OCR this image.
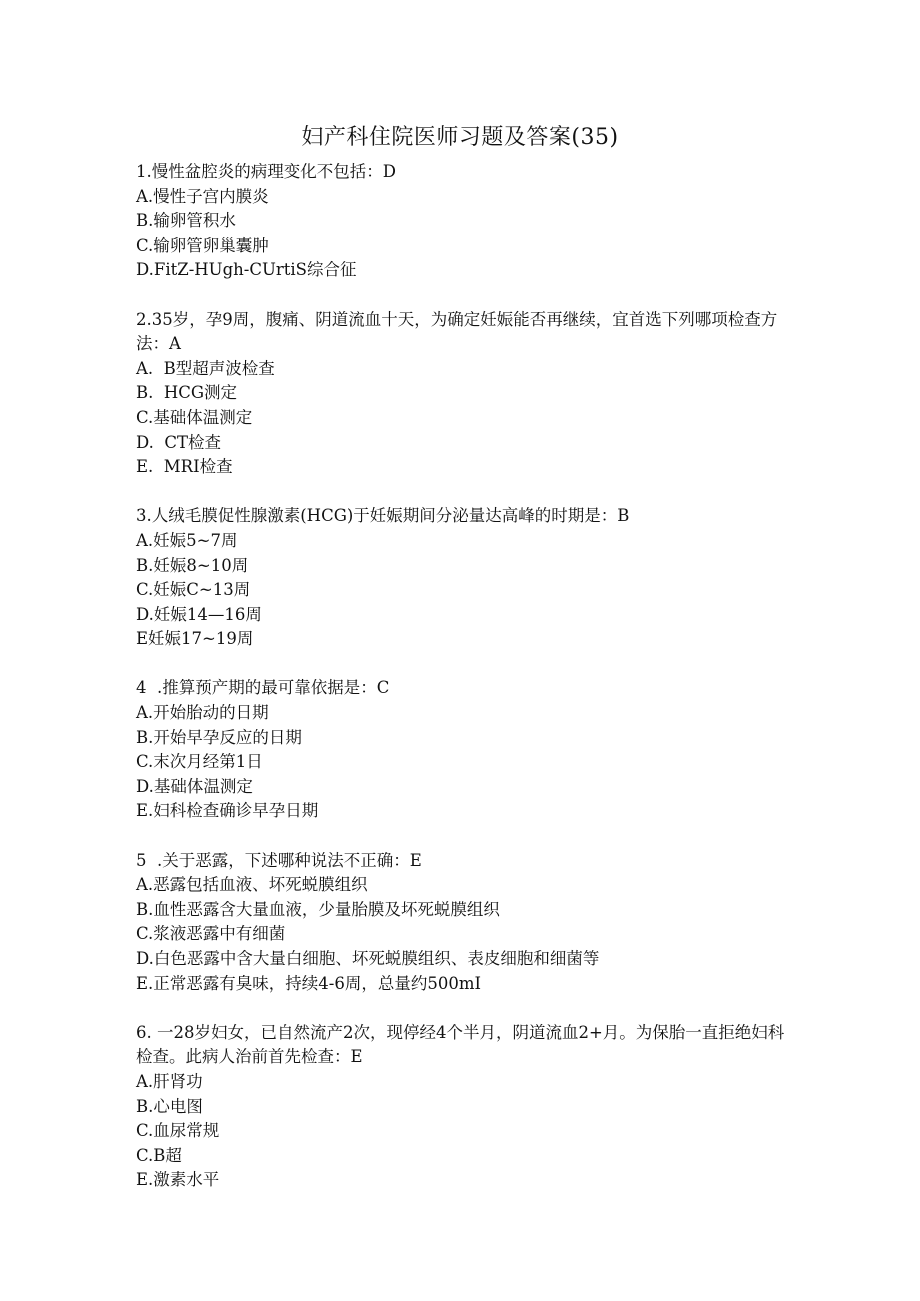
妇产科住院医师习题及答案(35)

1.慢性盆腔炎的病理变化不包括：D

A.慢性子宫内膜炎

B.输卵管积水

C.输卵管卵巢囊肿

D.FitZ-HUgh-CUrtiS综合征

2.35岁，孕9周，腹痛、阴道流血十天，为确定妊娠能否再继续，宜首选下列哪项检查方法：A

A.  B型超声波检查

B.  HCG测定

C.基础体温测定

D.  CT检查

E.  MRI检查

3.人绒毛膜促性腺激素(HCG)于妊娠期间分泌量达高峰的时期是：B

A.妊娠5~7周

B.妊娠8~10周

C.妊娠C~13周

D.妊娠14—16周

E妊娠17~19周

4  .推算预产期的最可靠依据是：C

A.开始胎动的日期

B.开始早孕反应的日期

C.末次月经第1日

D.基础体温测定

E.妇科检查确诊早孕日期

5  .关于恶露，下述哪种说法不正确：E

A.恶露包括血液、坏死蜕膜组织

B.血性恶露含大量血液，少量胎膜及坏死蜕膜组织

C.浆液恶露中有细菌

D.白色恶露中含大量白细胞、坏死蜕膜组织、表皮细胞和细菌等

E.正常恶露有臭味，持续4-6周，总量约500mI

6. 一28岁妇女，已自然流产2次，现停经4个半月，阴道流血2+月。为保胎一直拒绝妇科检查。此病人治前首先检查：E

A.肝肾功

B.心电图

C.血尿常规

C.B超

E.激素水平
